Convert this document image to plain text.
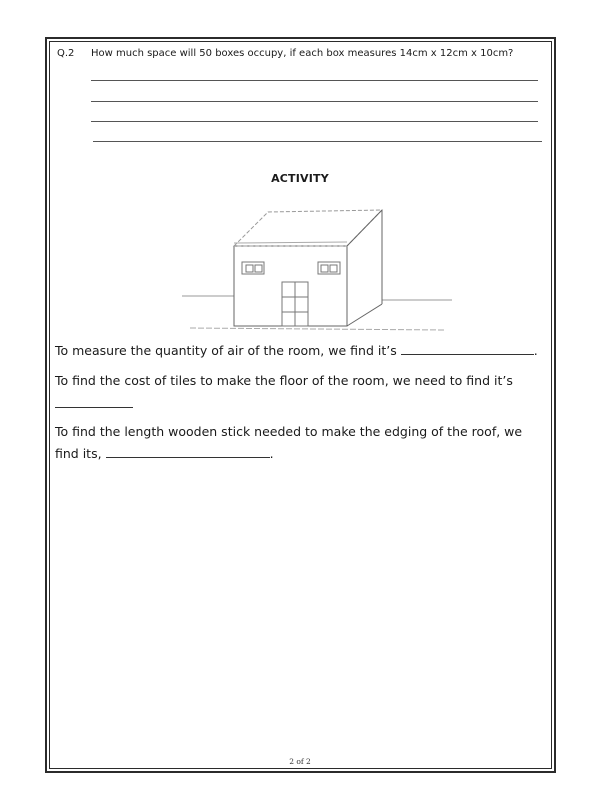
Q.2 How much space will 50 boxes occupy, if each box measures 14cm x 12cm x 10cm?
ACTIVITY
To measure the quantity of air of the room, we find it’s	.
To find the cost of tiles to make the floor of the room, we need to find it’s
To find the length wooden stick needed to make the edging of the roof, we
find its,	.
2 of 2
